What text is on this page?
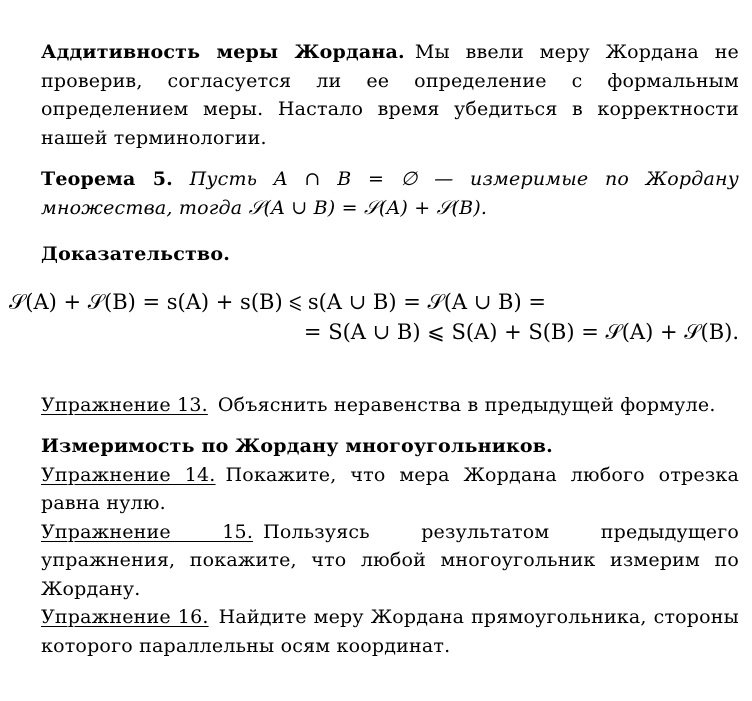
Аддитивность меры Жордана. Мы ввели меру Жордана не проверив, согласуется ли ее определение с формальным определением меры. Настало время убедиться в корректности нашей терминологии.

Теорема 5. Пусть A ∩ B = ∅ — измеримые по Жордану множества, тогда 𝒮(A ∪ B) = 𝒮(A) + 𝒮(B).

Доказательство.

𝒮(A) + 𝒮(B) = s(A) + s(B) ⩽ s(A ∪ B) = 𝒮(A ∪ B) =
= S(A ∪ B) ⩽ S(A) + S(B) = 𝒮(A) + 𝒮(B).

Упражнение 13. Объяснить неравенства в предыдущей формуле.

Измеримость по Жордану многоугольников.

Упражнение 14. Покажите, что мера Жордана любого отрезка равна нулю.

Упражнение 15. Пользуясь результатом предыдущего упражнения, покажите, что любой многоугольник измерим по Жордану.

Упражнение 16. Найдите меру Жордана прямоугольника, стороны которого параллельны осям координат.
